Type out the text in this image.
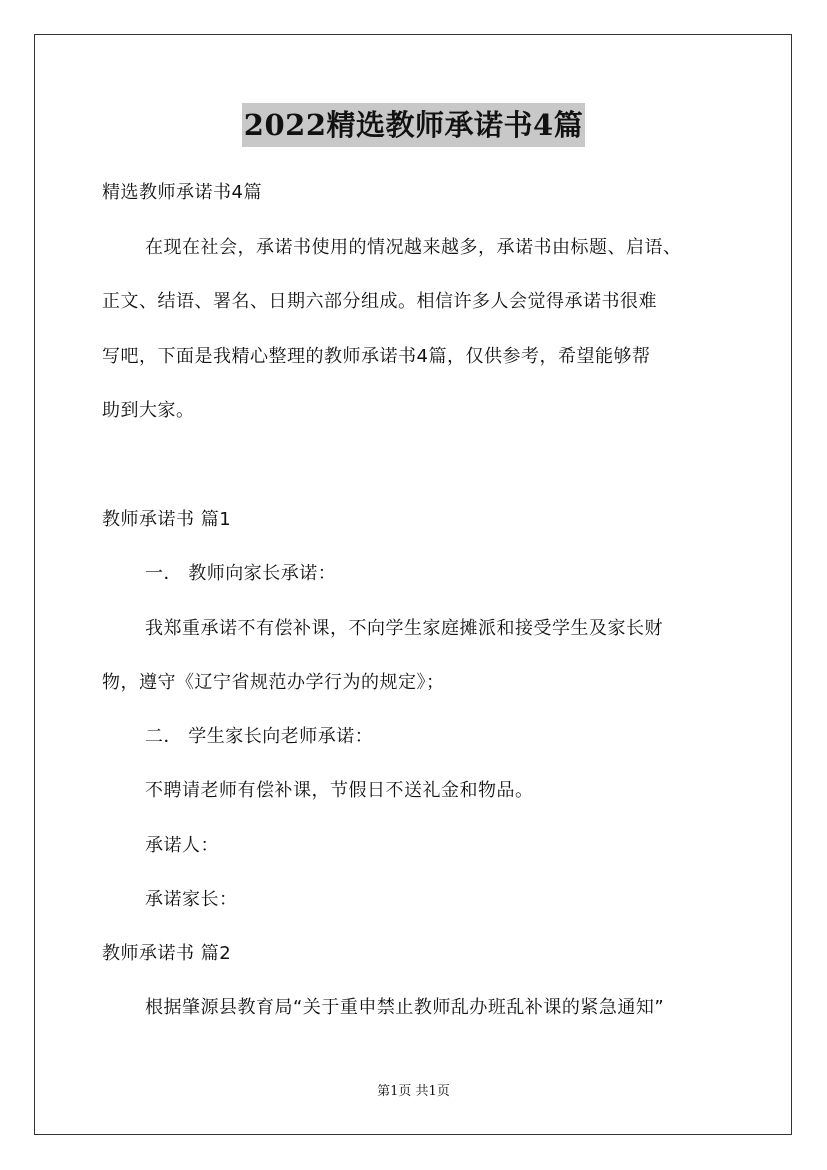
2022精选教师承诺书4篇
精选教师承诺书4篇
在现在社会，承诺书使用的情况越来越多，承诺书由标题、启语、
正文、结语、署名、日期六部分组成。相信许多人会觉得承诺书很难
写吧，下面是我精心整理的教师承诺书4篇，仅供参考，希望能够帮
助到大家。
教师承诺书 篇1
一． 教师向家长承诺：
我郑重承诺不有偿补课，不向学生家庭摊派和接受学生及家长财
物，遵守《辽宁省规范办学行为的规定》；
二． 学生家长向老师承诺：
不聘请老师有偿补课，节假日不送礼金和物品。
承诺人：
承诺家长：
教师承诺书 篇2
根据肇源县教育局“关于重申禁止教师乱办班乱补课的紧急通知”
第1页 共1页
